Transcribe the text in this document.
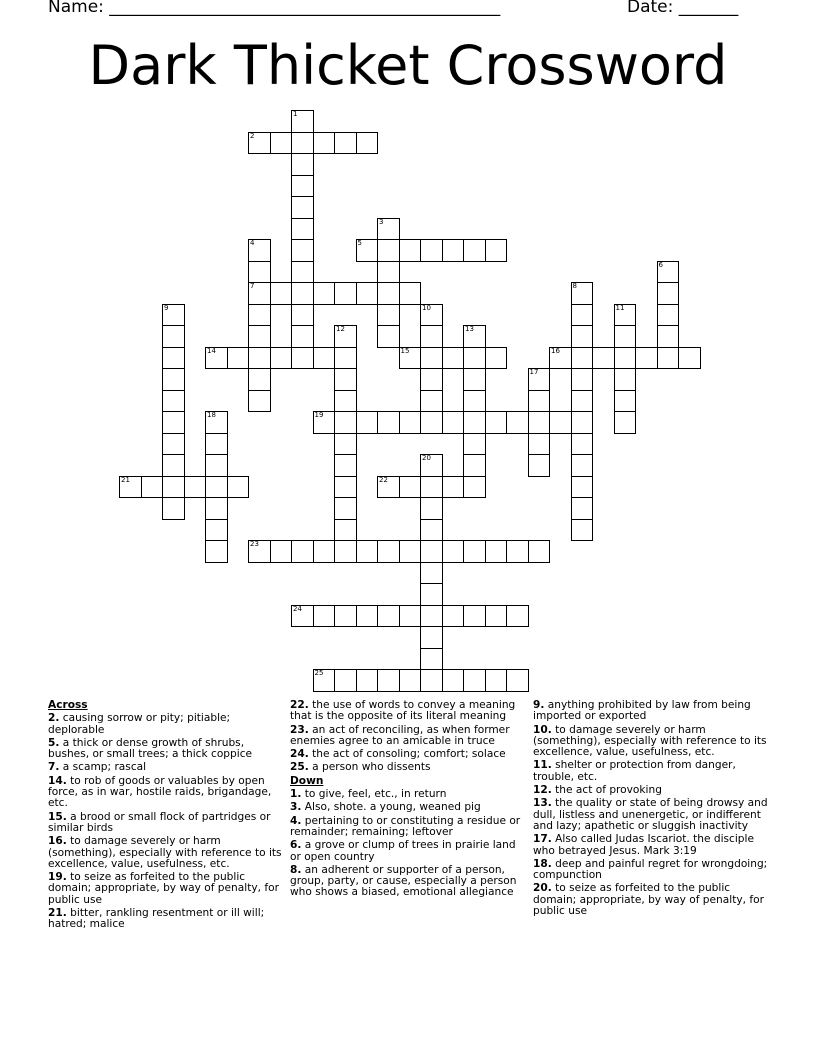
Name: ______________________________________________	Date: _______
Dark Thicket Crossword
1
2
3
4
7
5
6
8
9	10	11
12	13
14	15	16
17
18	19
20
21	22
23
24
25
Across
2. causing sorrow or pity; pitiable; deplorable
5. a thick or dense growth of shrubs, bushes, or small trees; a thick coppice
7. a scamp; rascal
14. to rob of goods or valuables by open force, as in war, hostile raids, brigandage, etc.
15. a brood or small flock of partridges or similar birds
16. to damage severely or harm (something), especially with reference to its excellence, value, usefulness, etc.
19. to seize as forfeited to the public domain; appropriate, by way of penalty, for public use
21. bitter, rankling resentment or ill will; hatred; malice
22. the use of words to convey a meaning that is the opposite of its literal meaning
23. an act of reconciling, as when former enemies agree to an amicable in truce
24. the act of consoling; comfort; solace
25. a person who dissents
Down
1. to give, feel, etc., in return
3. Also, shote. a young, weaned pig
4. pertaining to or constituting a residue or remainder; remaining; leftover
6. a grove or clump of trees in prairie land or open country
8. an adherent or supporter of a person, group, party, or cause, especially a person who shows a biased, emotional allegiance
9. anything prohibited by law from being imported or exported
10. to damage severely or harm (something), especially with reference to its excellence, value, usefulness, etc.
11. shelter or protection from danger, trouble, etc.
12. the act of provoking
13. the quality or state of being drowsy and dull, listless and unenergetic, or indifferent and lazy; apathetic or sluggish inactivity
17. Also called Judas Iscariot. the disciple who betrayed Jesus. Mark 3:19
18. deep and painful regret for wrongdoing; compunction
20. to seize as forfeited to the public domain; appropriate, by way of penalty, for public use
